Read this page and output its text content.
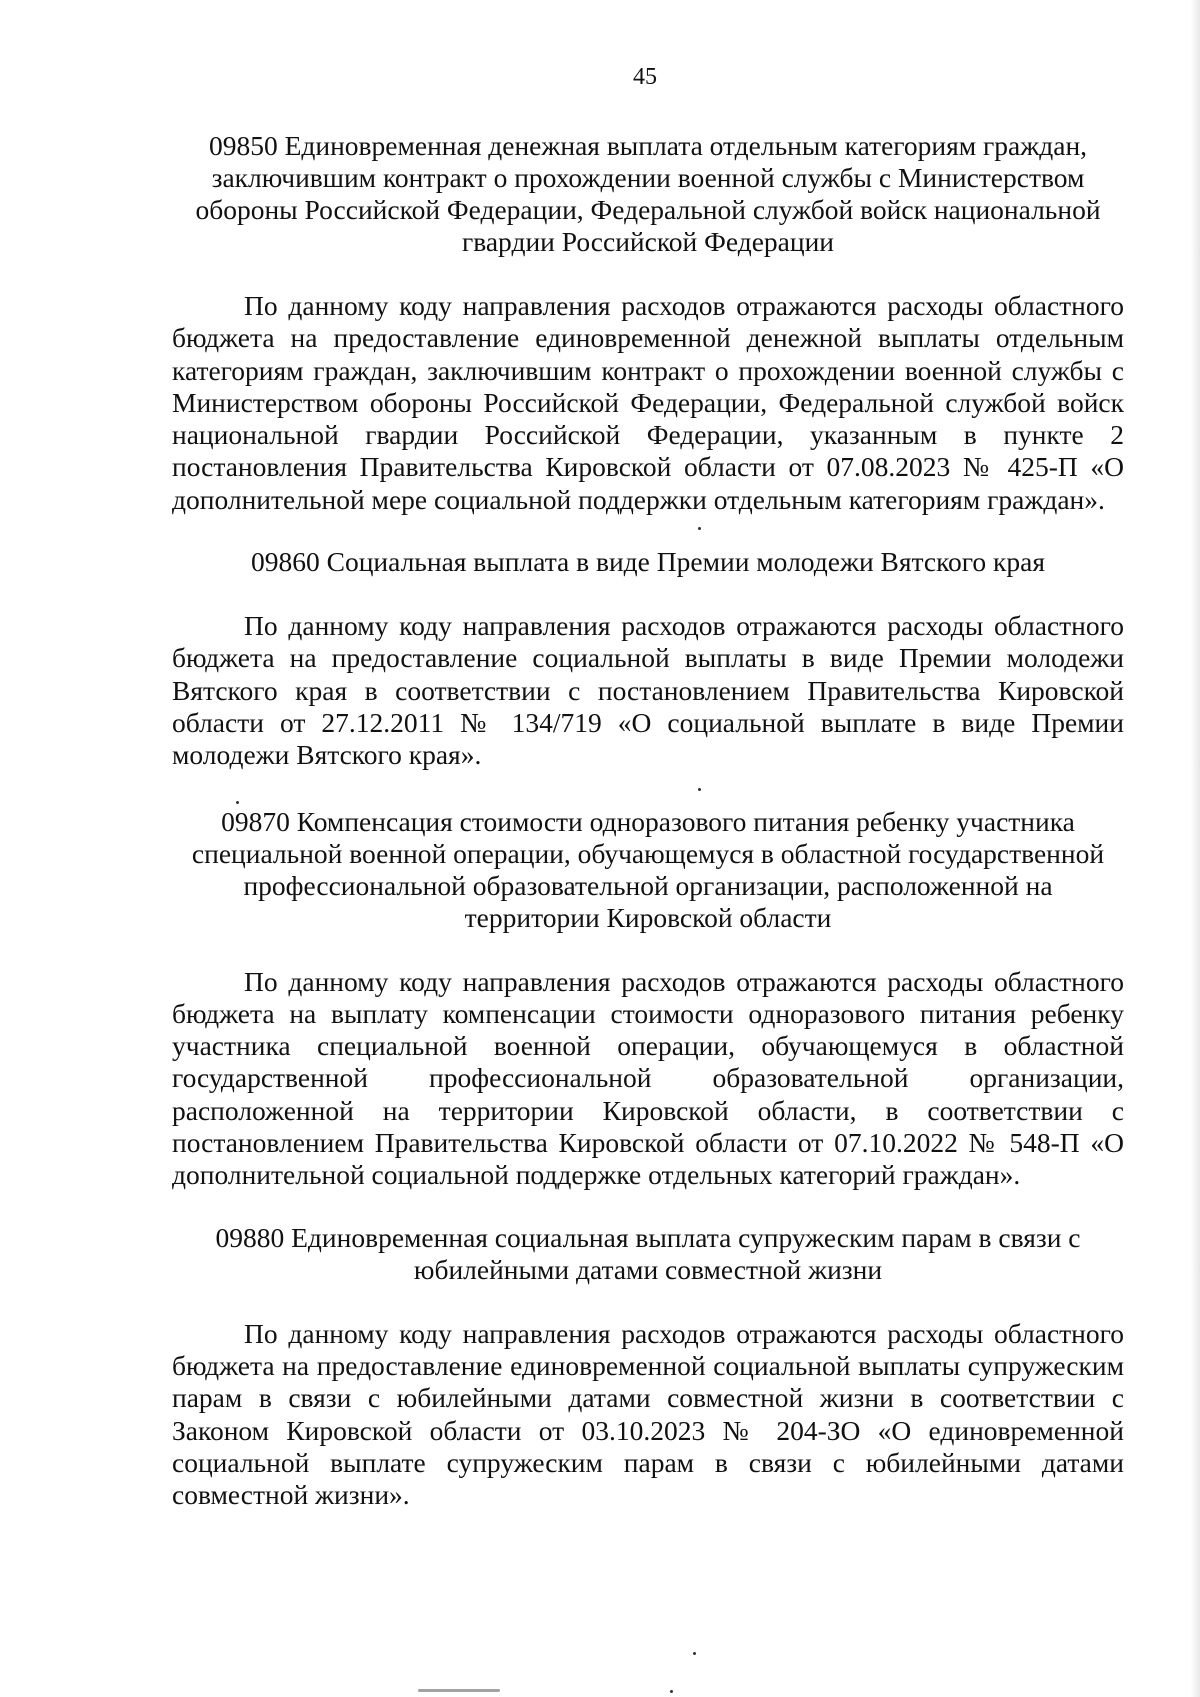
45
09850 Единовременная денежная выплата отдельным категориям граждан,
заключившим контракт о прохождении военной службы с Министерством
обороны Российской Федерации, Федеральной службой войск национальной
гвардии Российской Федерации

По данному коду направления расходов отражаются расходы областного бюджета на предоставление единовременной денежной выплаты отдельным категориям граждан, заключившим контракт о прохождении военной службы с Министерством обороны Российской Федерации, Федеральной службой войск национальной гвардии Российской Федерации, указанным в пункте 2 постановления Правительства Кировской области от 07.08.2023 № 425-П «О дополнительной мере социальной поддержки отдельным категориям граждан».

09860 Социальная выплата в виде Премии молодежи Вятского края

По данному коду направления расходов отражаются расходы областного бюджета на предоставление социальной выплаты в виде Премии молодежи Вятского края в соответствии с постановлением Правительства Кировской области от 27.12.2011 № 134/719 «О социальной выплате в виде Премии молодежи Вятского края».

09870 Компенсация стоимости одноразового питания ребенку участника
специальной военной операции, обучающемуся в областной государственной
профессиональной образовательной организации, расположенной на
территории Кировской области

По данному коду направления расходов отражаются расходы областного бюджета на выплату компенсации стоимости одноразового питания ребенку участника специальной военной операции, обучающемуся в областной государственной профессиональной образовательной организации, расположенной на территории Кировской области, в соответствии с постановлением Правительства Кировской области от 07.10.2022 № 548-П «О дополнительной социальной поддержке отдельных категорий граждан».

09880 Единовременная социальная выплата супружеским парам в связи с
юбилейными датами совместной жизни

По данному коду направления расходов отражаются расходы областного бюджета на предоставление единовременной социальной выплаты супружеским парам в связи с юбилейными датами совместной жизни в соответствии с Законом Кировской области от 03.10.2023 № 204-ЗО «О единовременной социальной выплате супружеским парам в связи с юбилейными датами совместной жизни».
